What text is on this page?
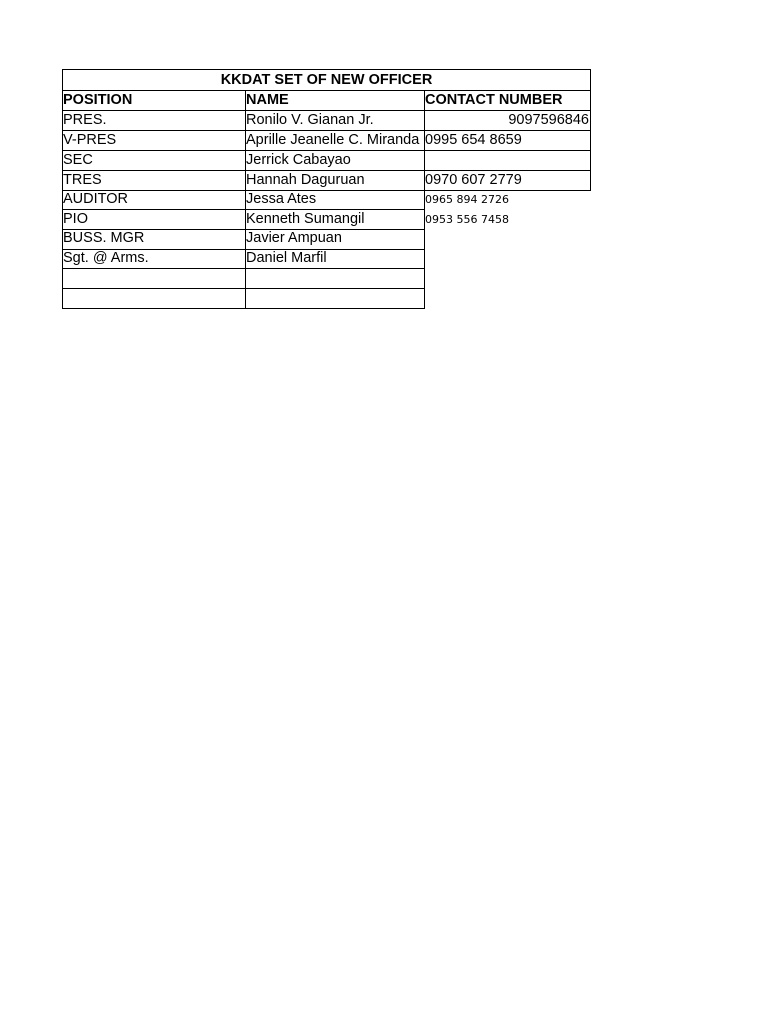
KKDAT SET OF NEW OFFICER
POSITION	NAME	CONTACT NUMBER
PRES.	Ronilo V. Gianan Jr.	9097596846
V-PRES	Aprille Jeanelle C. Miranda 0995 654 8659
SEC	Jerrick Cabayao
TRES	Hannah Daguruan	0970 607 2779
AUDITOR	Jessa Ates	0965 894 2726
PIO	Kenneth Sumangil	0953 556 7458
BUSS. MGR	Javier Ampuan
Sgt. @ Arms.	Daniel Marfil
